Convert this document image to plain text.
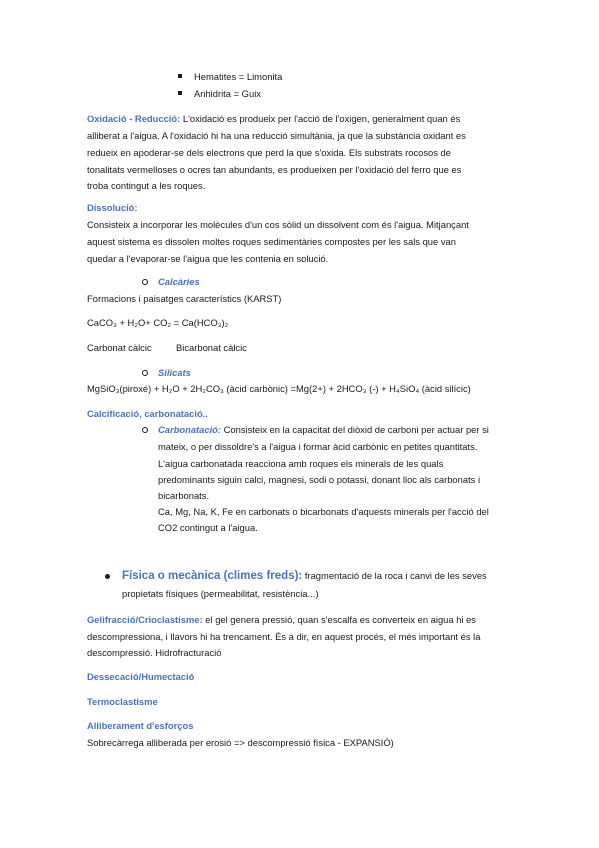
Hematites = Limonita
Anhidrita = Guix
Oxidació - Reducció: L'oxidació es produeix per l'acció de l'oxigen, generalment quan és
alliberat a l'aigua. A l'oxidació hi ha una reducció simultània, ja que la substància oxidant es
redueix en apoderar-se dels electrons que perd la que s'oxida. Els substrats rocosos de
tonalitats vermelloses o ocres tan abundants, es produeixen per l'oxidació del ferro que es
troba contingut a les roques.
Dissolució:
Consisteix a incorporar les molècules d'un cos sòlid un dissolvent com és l'aigua. Mitjançant
aquest sistema es dissolen moltes roques sedimentàries compostes per les sals que van
quedar a l'evaporar-se l'aigua que les contenia en solució.
Calcàries
Formacions i paisatges característics (KARST)
CaCO₃ + H₂O+ CO₂ = Ca(HCO₃)₂
Carbonat càlcic	Bicarbonat càlcic
Silicats
MgSiO₃(piroxé) + H₂O + 2H₂CO₃ (àcid carbònic) =Mg(2+) + 2HCO₃ (-) + H₄SiO₄ (àcid silícic)
Calcificació, carbonatació..
Carbonatació: Consisteix en la capacitat del diòxid de carboni per actuar per si
mateix, o per dissoldre's a l'aigua i formar àcid carbònic en petites quantitats.
L'aigua carbonatada reacciona amb roques els minerals de les quals
predominants siguin calci, magnesi, sodi o potassi, donant lloc als carbonats i
bicarbonats.
Ca, Mg, Na, K, Fe en carbonats o bicarbonats d'aquests minerals per l'acció del
CO2 contingut a l'aigua.
Física o mecànica (climes freds): fragmentació de la roca i canvi de les seves
propietats físiques (permeabilitat, resistència...)
Gelifracció/Crioclastisme: el gel genera pressió, quan s'escalfa es converteix en aigua hi es
descompressiona, i llavors hi ha trencament. És a dir, en aquest procés, el més important és la
descompressió. Hidrofracturació
Dessecació/Humectació
Termoclastisme
Alliberament d'esforços
Sobrecàrrega alliberada per erosió => descompressió física - EXPANSIÓ)
